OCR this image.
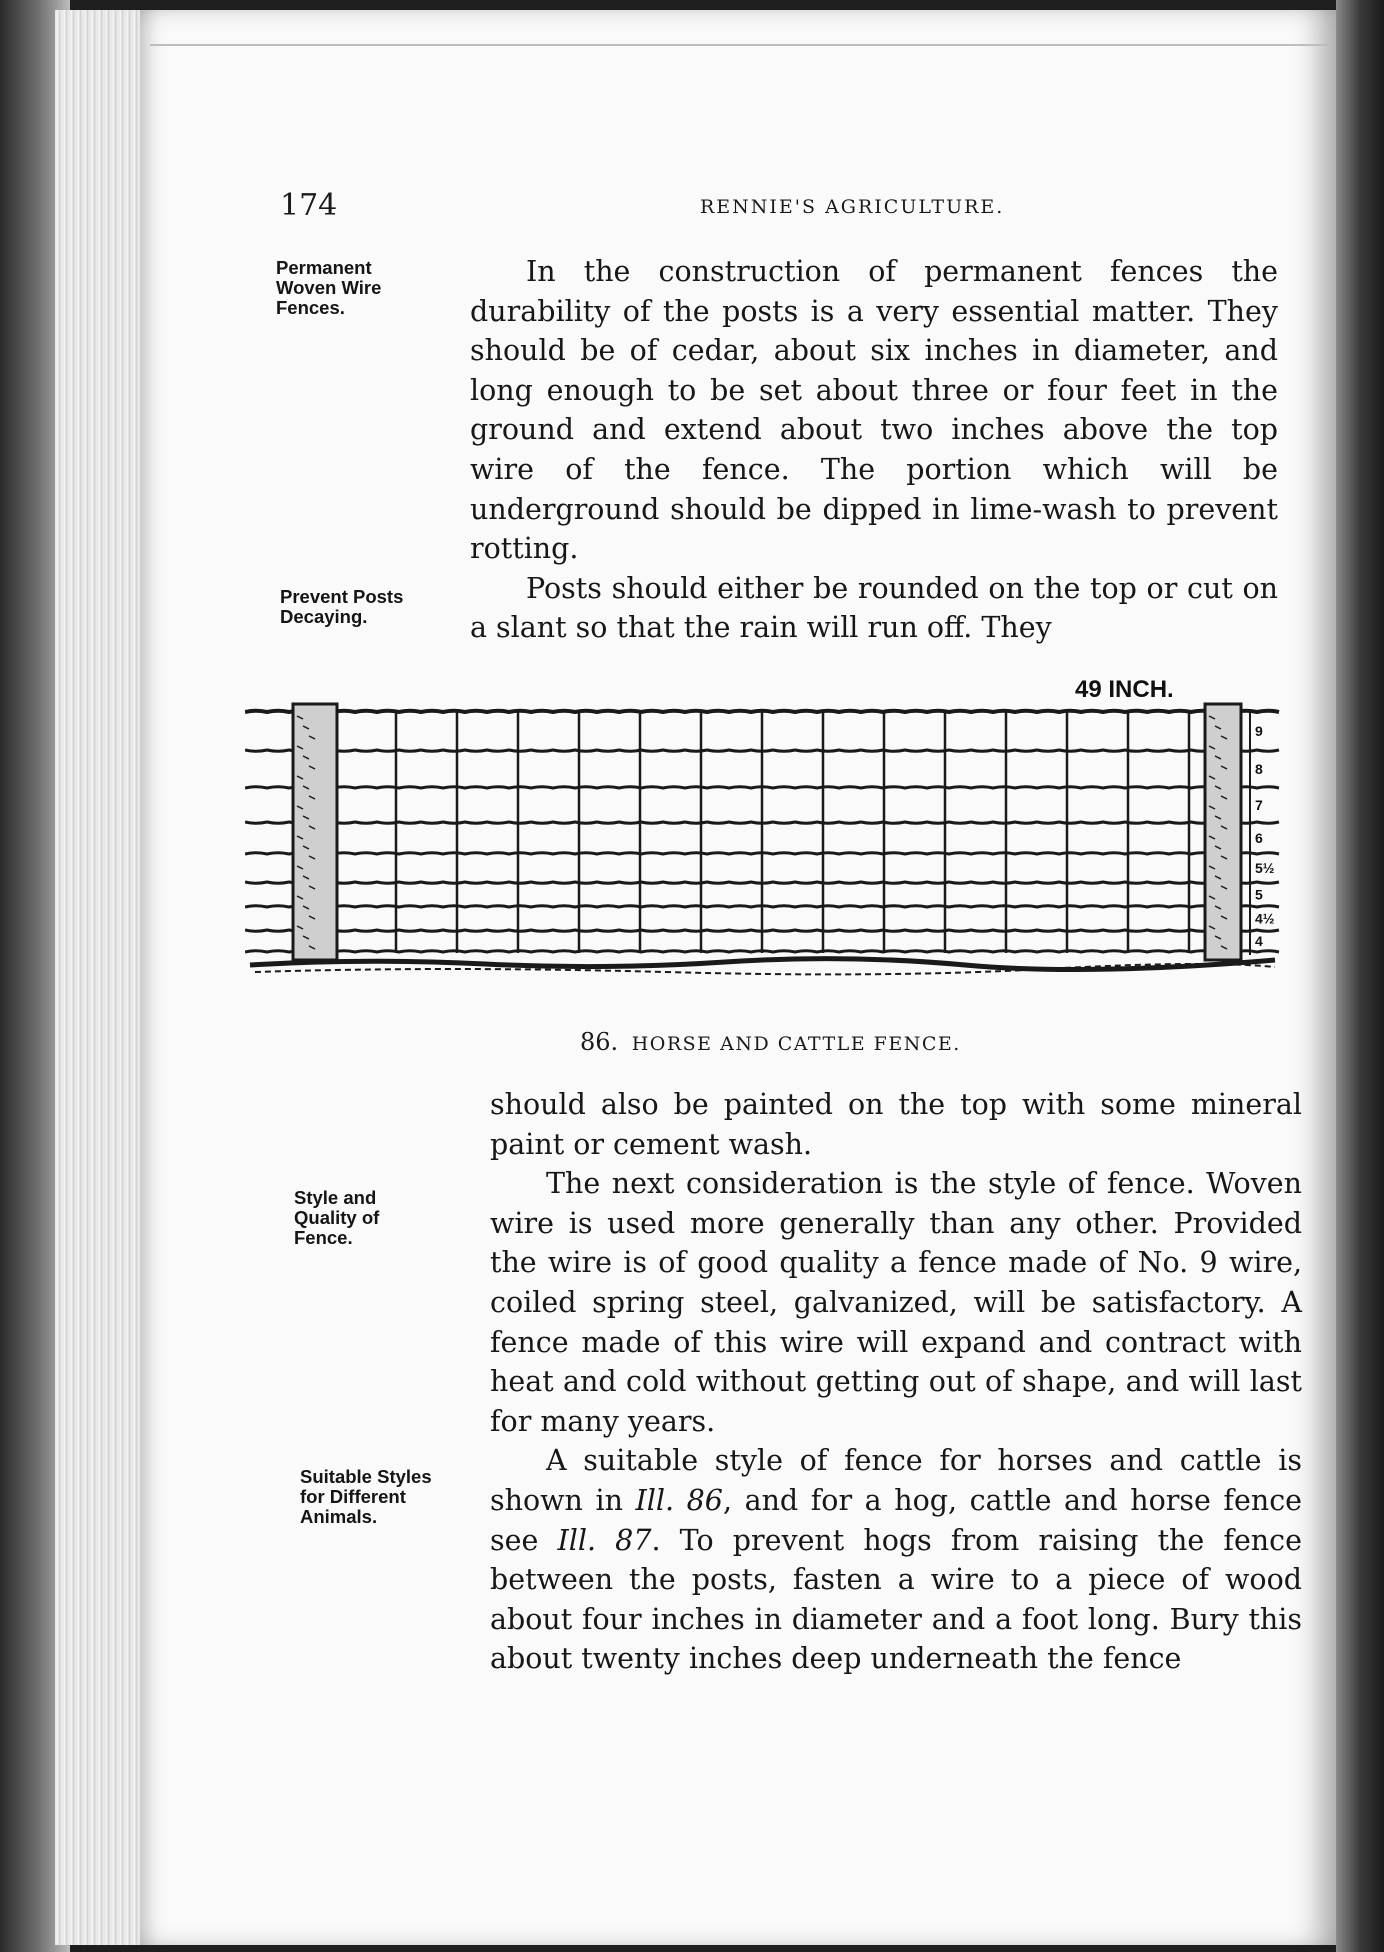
174	RENNIE'S AGRICULTURE.

Permanent
Woven Wire
Fences.

Prevent Posts
Decaying.

Style and
Quality of
Fence.

Suitable Styles
for Different
Animals.

In the construction of permanent fences the durability of the posts is a very essential matter. They should be of cedar, about six inches in diameter, and long enough to be set about three or four feet in the ground and extend about two inches above the top wire of the fence. The portion which will be underground should be dipped in lime-wash to prevent rotting.

Posts should either be rounded on the top or cut on a slant so that the rain will run off. They

49 INCH.
9
8
7
6
5½
5
4½
4
86. HORSE AND CATTLE FENCE.

should also be painted on the top with some mineral paint or cement wash.

The next consideration is the style of fence. Woven wire is used more generally than any other. Provided the wire is of good quality a fence made of No. 9 wire, coiled spring steel, galvanized, will be satisfactory. A fence made of this wire will expand and contract with heat and cold without getting out of shape, and will last for many years.

A suitable style of fence for horses and cattle is shown in Ill. 86, and for a hog, cattle and horse fence see Ill. 87. To prevent hogs from raising the fence between the posts, fasten a wire to a piece of wood about four inches in diameter and a foot long. Bury this about twenty inches deep underneath the fence
